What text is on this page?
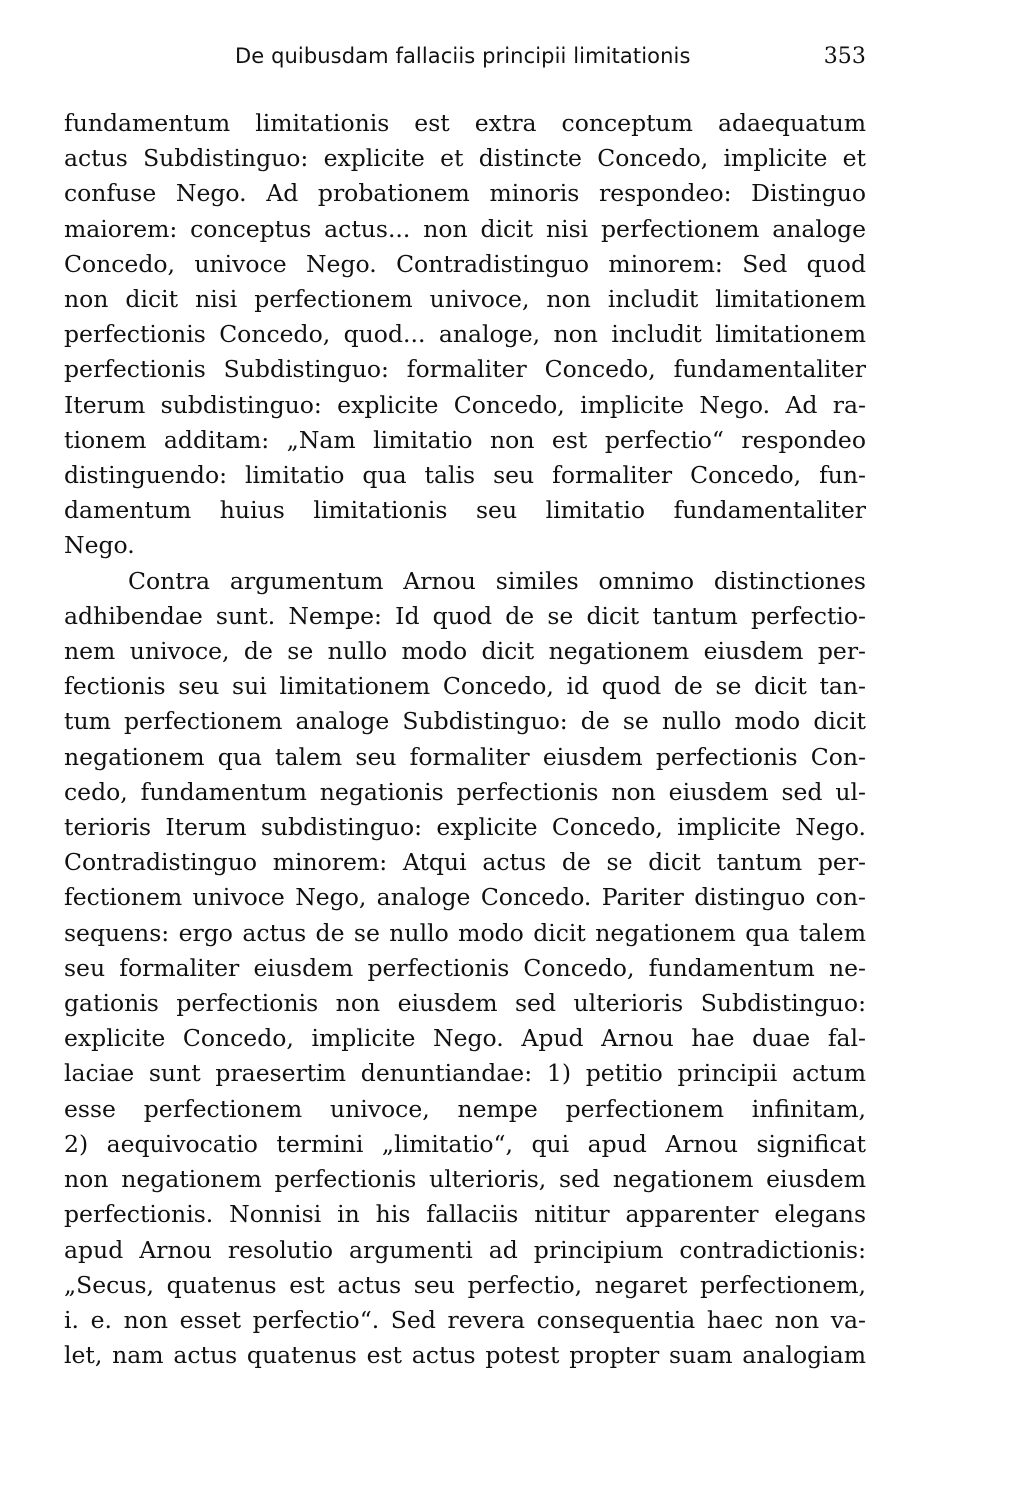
De quibusdam fallaciis principii limitationis	353
fundamentum limitationis est extra conceptum adaequatum
actus Subdistinguo: explicite et distincte Concedo, implicite et
confuse Nego. Ad probationem minoris respondeo: Distinguo
maiorem: conceptus actus... non dicit nisi perfectionem analoge
Concedo, univoce Nego. Contradistinguo minorem: Sed quod
non dicit nisi perfectionem univoce, non includit limitationem
perfectionis Concedo, quod... analoge, non includit limitationem
perfectionis Subdistinguo: formaliter Concedo, fundamentaliter
Iterum subdistinguo: explicite Concedo, implicite Nego. Ad ra-
tionem additam: „Nam limitatio non est perfectio“ respondeo
distinguendo: limitatio qua talis seu formaliter Concedo, fun-
damentum huius limitationis seu limitatio fundamentaliter
Nego.
Contra argumentum Arnou similes omnimo distinctiones
adhibendae sunt. Nempe: Id quod de se dicit tantum perfectio-
nem univoce, de se nullo modo dicit negationem eiusdem per-
fectionis seu sui limitationem Concedo, id quod de se dicit tan-
tum perfectionem analoge Subdistinguo: de se nullo modo dicit
negationem qua talem seu formaliter eiusdem perfectionis Con-
cedo, fundamentum negationis perfectionis non eiusdem sed ul-
terioris Iterum subdistinguo: explicite Concedo, implicite Nego.
Contradistinguo minorem: Atqui actus de se dicit tantum per-
fectionem univoce Nego, analoge Concedo. Pariter distinguo con-
sequens: ergo actus de se nullo modo dicit negationem qua talem
seu formaliter eiusdem perfectionis Concedo, fundamentum ne-
gationis perfectionis non eiusdem sed ulterioris Subdistinguo:
explicite Concedo, implicite Nego. Apud Arnou hae duae fal-
laciae sunt praesertim denuntiandae: 1) petitio principii actum
esse perfectionem univoce, nempe perfectionem infinitam,
2) aequivocatio termini „limitatio“, qui apud Arnou significat
non negationem perfectionis ulterioris, sed negationem eiusdem
perfectionis. Nonnisi in his fallaciis nititur apparenter elegans
apud Arnou resolutio argumenti ad principium contradictionis:
„Secus, quatenus est actus seu perfectio, negaret perfectionem,
i. e. non esset perfectio“. Sed revera consequentia haec non va-
let, nam actus quatenus est actus potest propter suam analogiam
